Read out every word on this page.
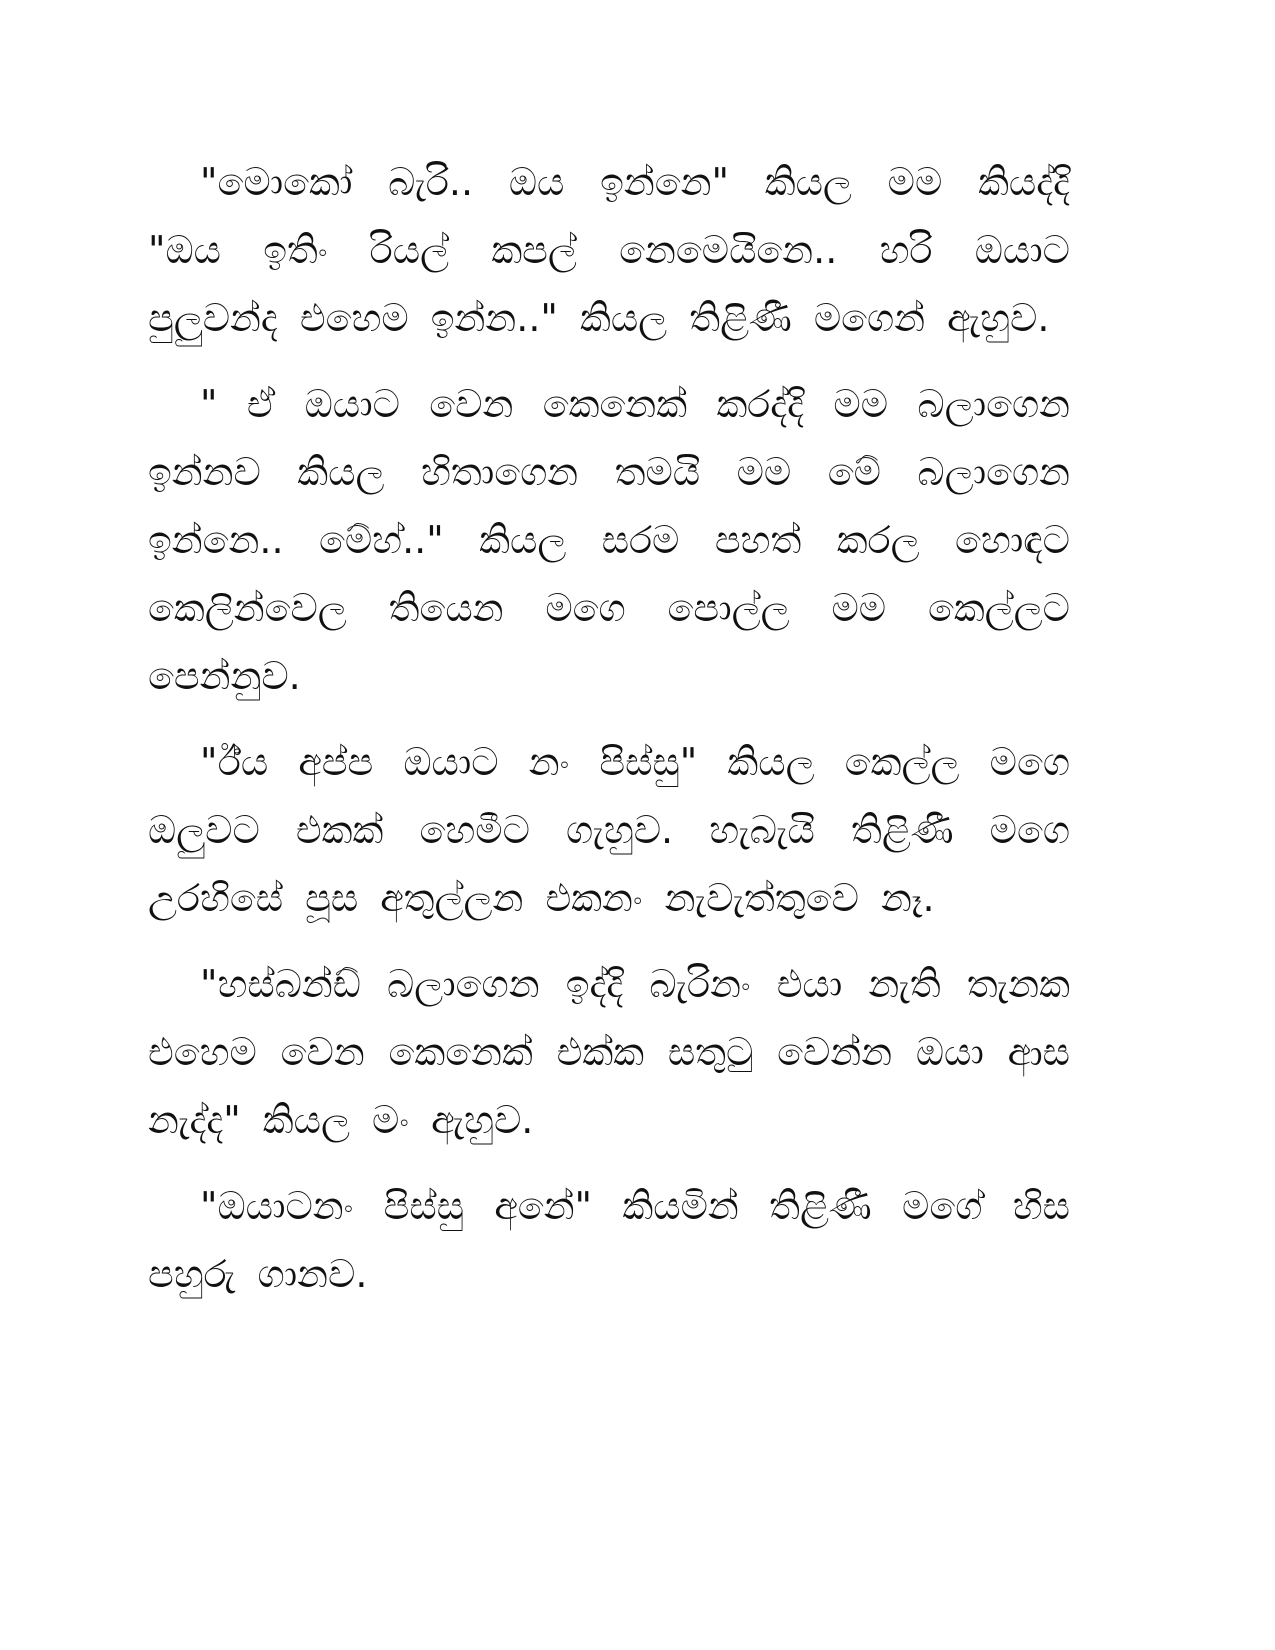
"මොකෝ බැරි.. ඔය ඉන්නෙ" කියල මම කියද්දි "ඔය ඉතිං රියල් කපල් නෙමෙයිනෙ.. හරි ඔයාට පුලුවන්ද එහෙම ඉන්න.." කියල තිළිණී මගෙන් ඇහුව.

" ඒ ඔයාට වෙන කෙනෙක් කරද්දි මම බලාගෙන ඉන්නව කියල හිතාගෙන තමයි මම මේ බලාගෙන ඉන්නෙ.. මේහ්.." කියල සරම පහත් කරල හොඳට කෙලින්වෙල තියෙන මගෙ පොල්ල මම කෙල්ලට පෙන්නුව.

"ඊ්ය අප්ප ඔයාට නං පිස්සු" කියල කෙල්ල මගෙ ඔලුවට එකක් හෙමීට ගැහුව. හැබැයි තිළිණී මගෙ උරහිසේ පූස අතුල්ලන එකනං නැවැත්තුවෙ නෑ.

"හස්බන්ඩ් බලාගෙන ඉද්දි බැරිනං එයා නැති තැනක එහෙම වෙන කෙනෙක් එක්ක සතුටු වෙන්න ඔයා ආස නැද්ද" කියල මං ඇහුව.

"ඔයාටනං පිස්සු අනේ" කියමින් තිළිණී මගේ හිස පහුරු ගානව.
